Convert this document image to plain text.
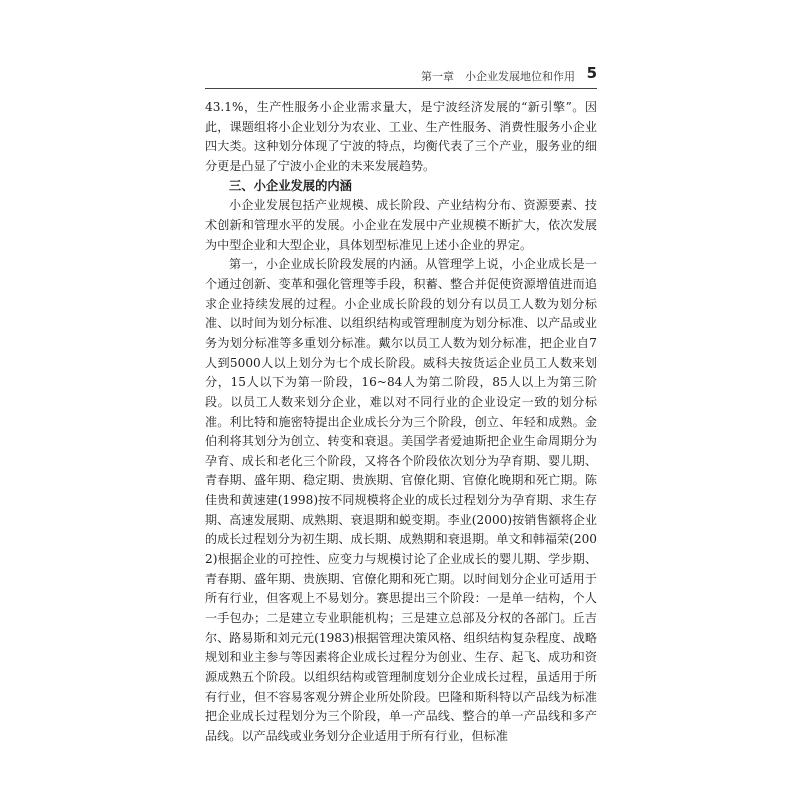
第一章　小企业发展地位和作用 5

43.1%，生产性服务小企业需求量大，是宁波经济发展的“新引擎”。因此，课题组将小企业划分为农业、工业、生产性服务、消费性服务小企业四大类。这种划分体现了宁波的特点，均衡代表了三个产业，服务业的细分更是凸显了宁波小企业的未来发展趋势。

三、小企业发展的内涵

小企业发展包括产业规模、成长阶段、产业结构分布、资源要素、技术创新和管理水平的发展。小企业在发展中产业规模不断扩大，依次发展为中型企业和大型企业，具体划型标准见上述小企业的界定。

第一，小企业成长阶段发展的内涵。从管理学上说，小企业成长是一个通过创新、变革和强化管理等手段，积蓄、整合并促使资源增值进而追求企业持续发展的过程。小企业成长阶段的划分有以员工人数为划分标准、以时间为划分标准、以组织结构或管理制度为划分标准、以产品或业务为划分标准等多重划分标准。戴尔以员工人数为划分标准，把企业自7人到5000人以上划分为七个成长阶段。威科夫按货运企业员工人数来划分，15人以下为第一阶段，16~84人为第二阶段，85人以上为第三阶段。以员工人数来划分企业，难以对不同行业的企业设定一致的划分标准。利比特和施密特提出企业成长分为三个阶段，创立、年轻和成熟。金伯利将其划分为创立、转变和衰退。美国学者爱迪斯把企业生命周期分为孕育、成长和老化三个阶段，又将各个阶段依次划分为孕育期、婴儿期、青春期、盛年期、稳定期、贵族期、官僚化期、官僚化晚期和死亡期。陈佳贵和黄速建(1998)按不同规模将企业的成长过程划分为孕育期、求生存期、高速发展期、成熟期、衰退期和蜕变期。李业(2000)按销售额将企业的成长过程划分为初生期、成长期、成熟期和衰退期。单文和韩福荣(2002)根据企业的可控性、应变力与规模讨论了企业成长的婴儿期、学步期、青春期、盛年期、贵族期、官僚化期和死亡期。以时间划分企业可适用于所有行业，但客观上不易划分。赛思提出三个阶段：一是单一结构，个人一手包办；二是建立专业职能机构；三是建立总部及分权的各部门。丘吉尔、路易斯和刘元元(1983)根据管理决策风格、组织结构复杂程度、战略规划和业主参与等因素将企业成长过程分为创业、生存、起飞、成功和资源成熟五个阶段。以组织结构或管理制度划分企业成长过程，虽适用于所有行业，但不容易客观分辨企业所处阶段。巴隆和斯科特以产品线为标准把企业成长过程划分为三个阶段，单一产品线、整合的单一产品线和多产品线。以产品线或业务划分企业适用于所有行业，但标准
